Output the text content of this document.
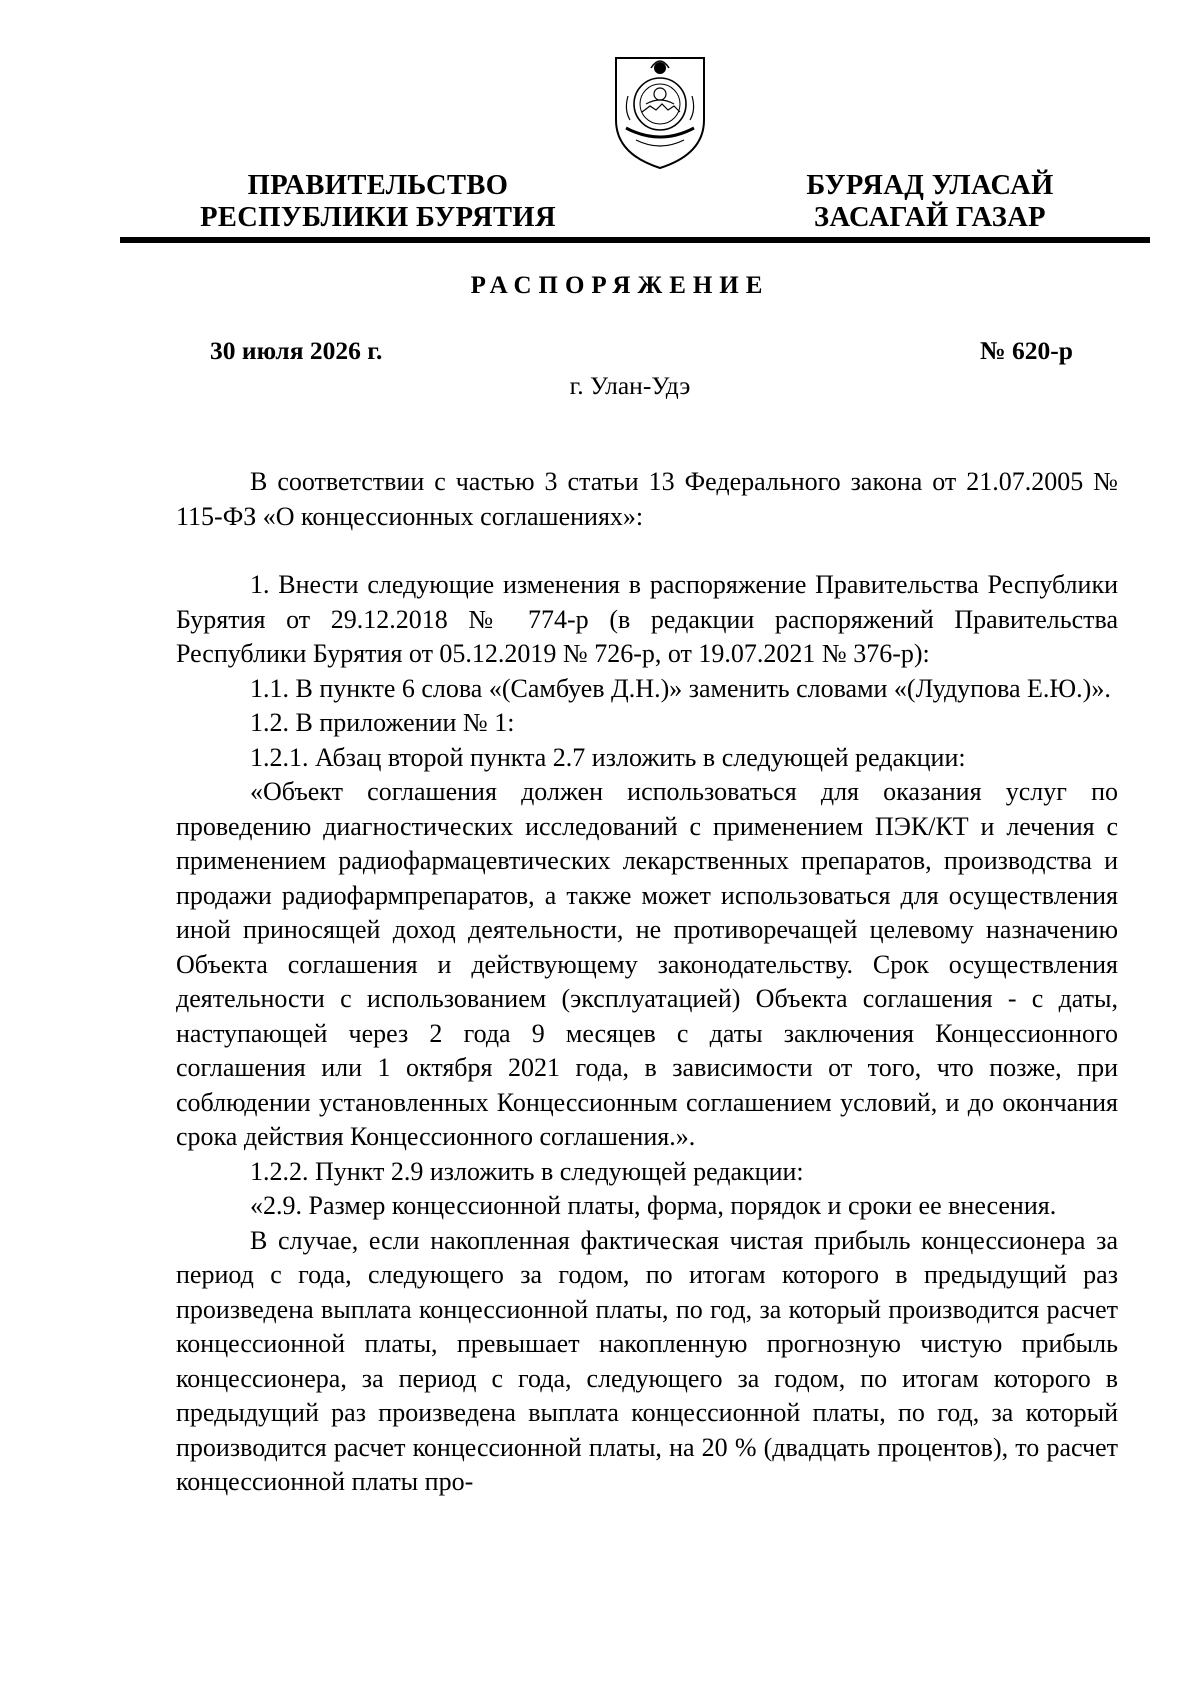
ПРАВИТЕЛЬСТВО
РЕСПУБЛИКИ БУРЯТИЯ
БУРЯАД УЛАСАЙ
ЗАСАГАЙ ГАЗАР
РАСПОРЯЖЕНИЕ
30 июля 2026 г.	№ 620-р
г. Улан-Удэ

В соответствии с частью 3 статьи 13 Федерального закона от 21.07.2005 № 115-ФЗ «О концессионных соглашениях»:

1. Внести следующие изменения в распоряжение Правительства Республики Бурятия от 29.12.2018 № 774-р (в редакции распоряжений Правительства Республики Бурятия от 05.12.2019 № 726-р, от 19.07.2021 № 376-р):

1.1. В пункте 6 слова «(Самбуев Д.Н.)» заменить словами «(Лудупова Е.Ю.)».

1.2. В приложении № 1:

1.2.1. Абзац второй пункта 2.7 изложить в следующей редакции:

«Объект соглашения должен использоваться для оказания услуг по проведению диагностических исследований с применением ПЭК/КТ и лечения с применением радиофармацевтических лекарственных препаратов, производства и продажи радиофармпрепаратов, а также может использоваться для осуществления иной приносящей доход деятельности, не противоречащей целевому назначению Объекта соглашения и действующему законодательству. Срок осуществления деятельности с использованием (эксплуатацией) Объекта соглашения - с даты, наступающей через 2 года 9 месяцев с даты заключения Концессионного соглашения или 1 октября 2021 года, в зависимости от того, что позже, при соблюдении установленных Концессионным соглашением условий, и до окончания срока действия Концессионного соглашения.».

1.2.2. Пункт 2.9 изложить в следующей редакции:

«2.9. Размер концессионной платы, форма, порядок и сроки ее внесения.

В случае, если накопленная фактическая чистая прибыль концессионера за период с года, следующего за годом, по итогам которого в предыдущий раз произведена выплата концессионной платы, по год, за который производится расчет концессионной платы, превышает накопленную прогнозную чистую прибыль концессионера, за период с года, следующего за годом, по итогам которого в предыдущий раз произведена выплата концессионной платы, по год, за который производится расчет концессионной платы, на 20 % (двадцать процентов), то расчет концессионной платы про-
